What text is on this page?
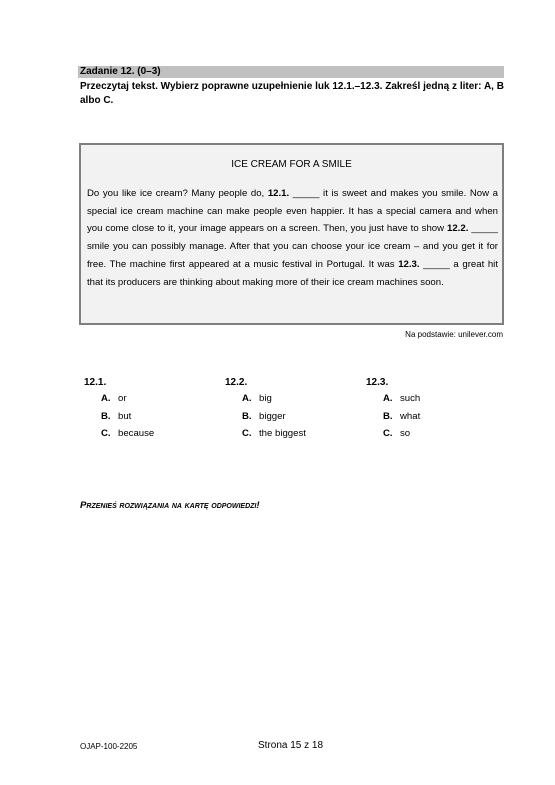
Zadanie 12. (0–3)
Przeczytaj tekst. Wybierz poprawne uzupełnienie luk 12.1.–12.3. Zakreśl jedną z liter: A, B albo C.
ICE CREAM FOR A SMILE
Do you like ice cream? Many people do, 12.1. _____ it is sweet and makes you smile. Now a special ice cream machine can make people even happier. It has a special camera and when you come close to it, your image appears on a screen. Then, you just have to show 12.2. _____ smile you can possibly manage. After that you can choose your ice cream – and you get it for free. The machine first appeared at a music festival in Portugal. It was 12.3. _____ a great hit that its producers are thinking about making more of their ice cream machines soon.
Na podstawie: unilever.com
12.1.
A. or
B. but
C. because
12.2.
A. big
B. bigger
C. the biggest
12.3.
A. such
B. what
C. so
Przenieś rozwiązania na kartę odpowiedzi!
OJAP-100-2205	Strona 15 z 18
